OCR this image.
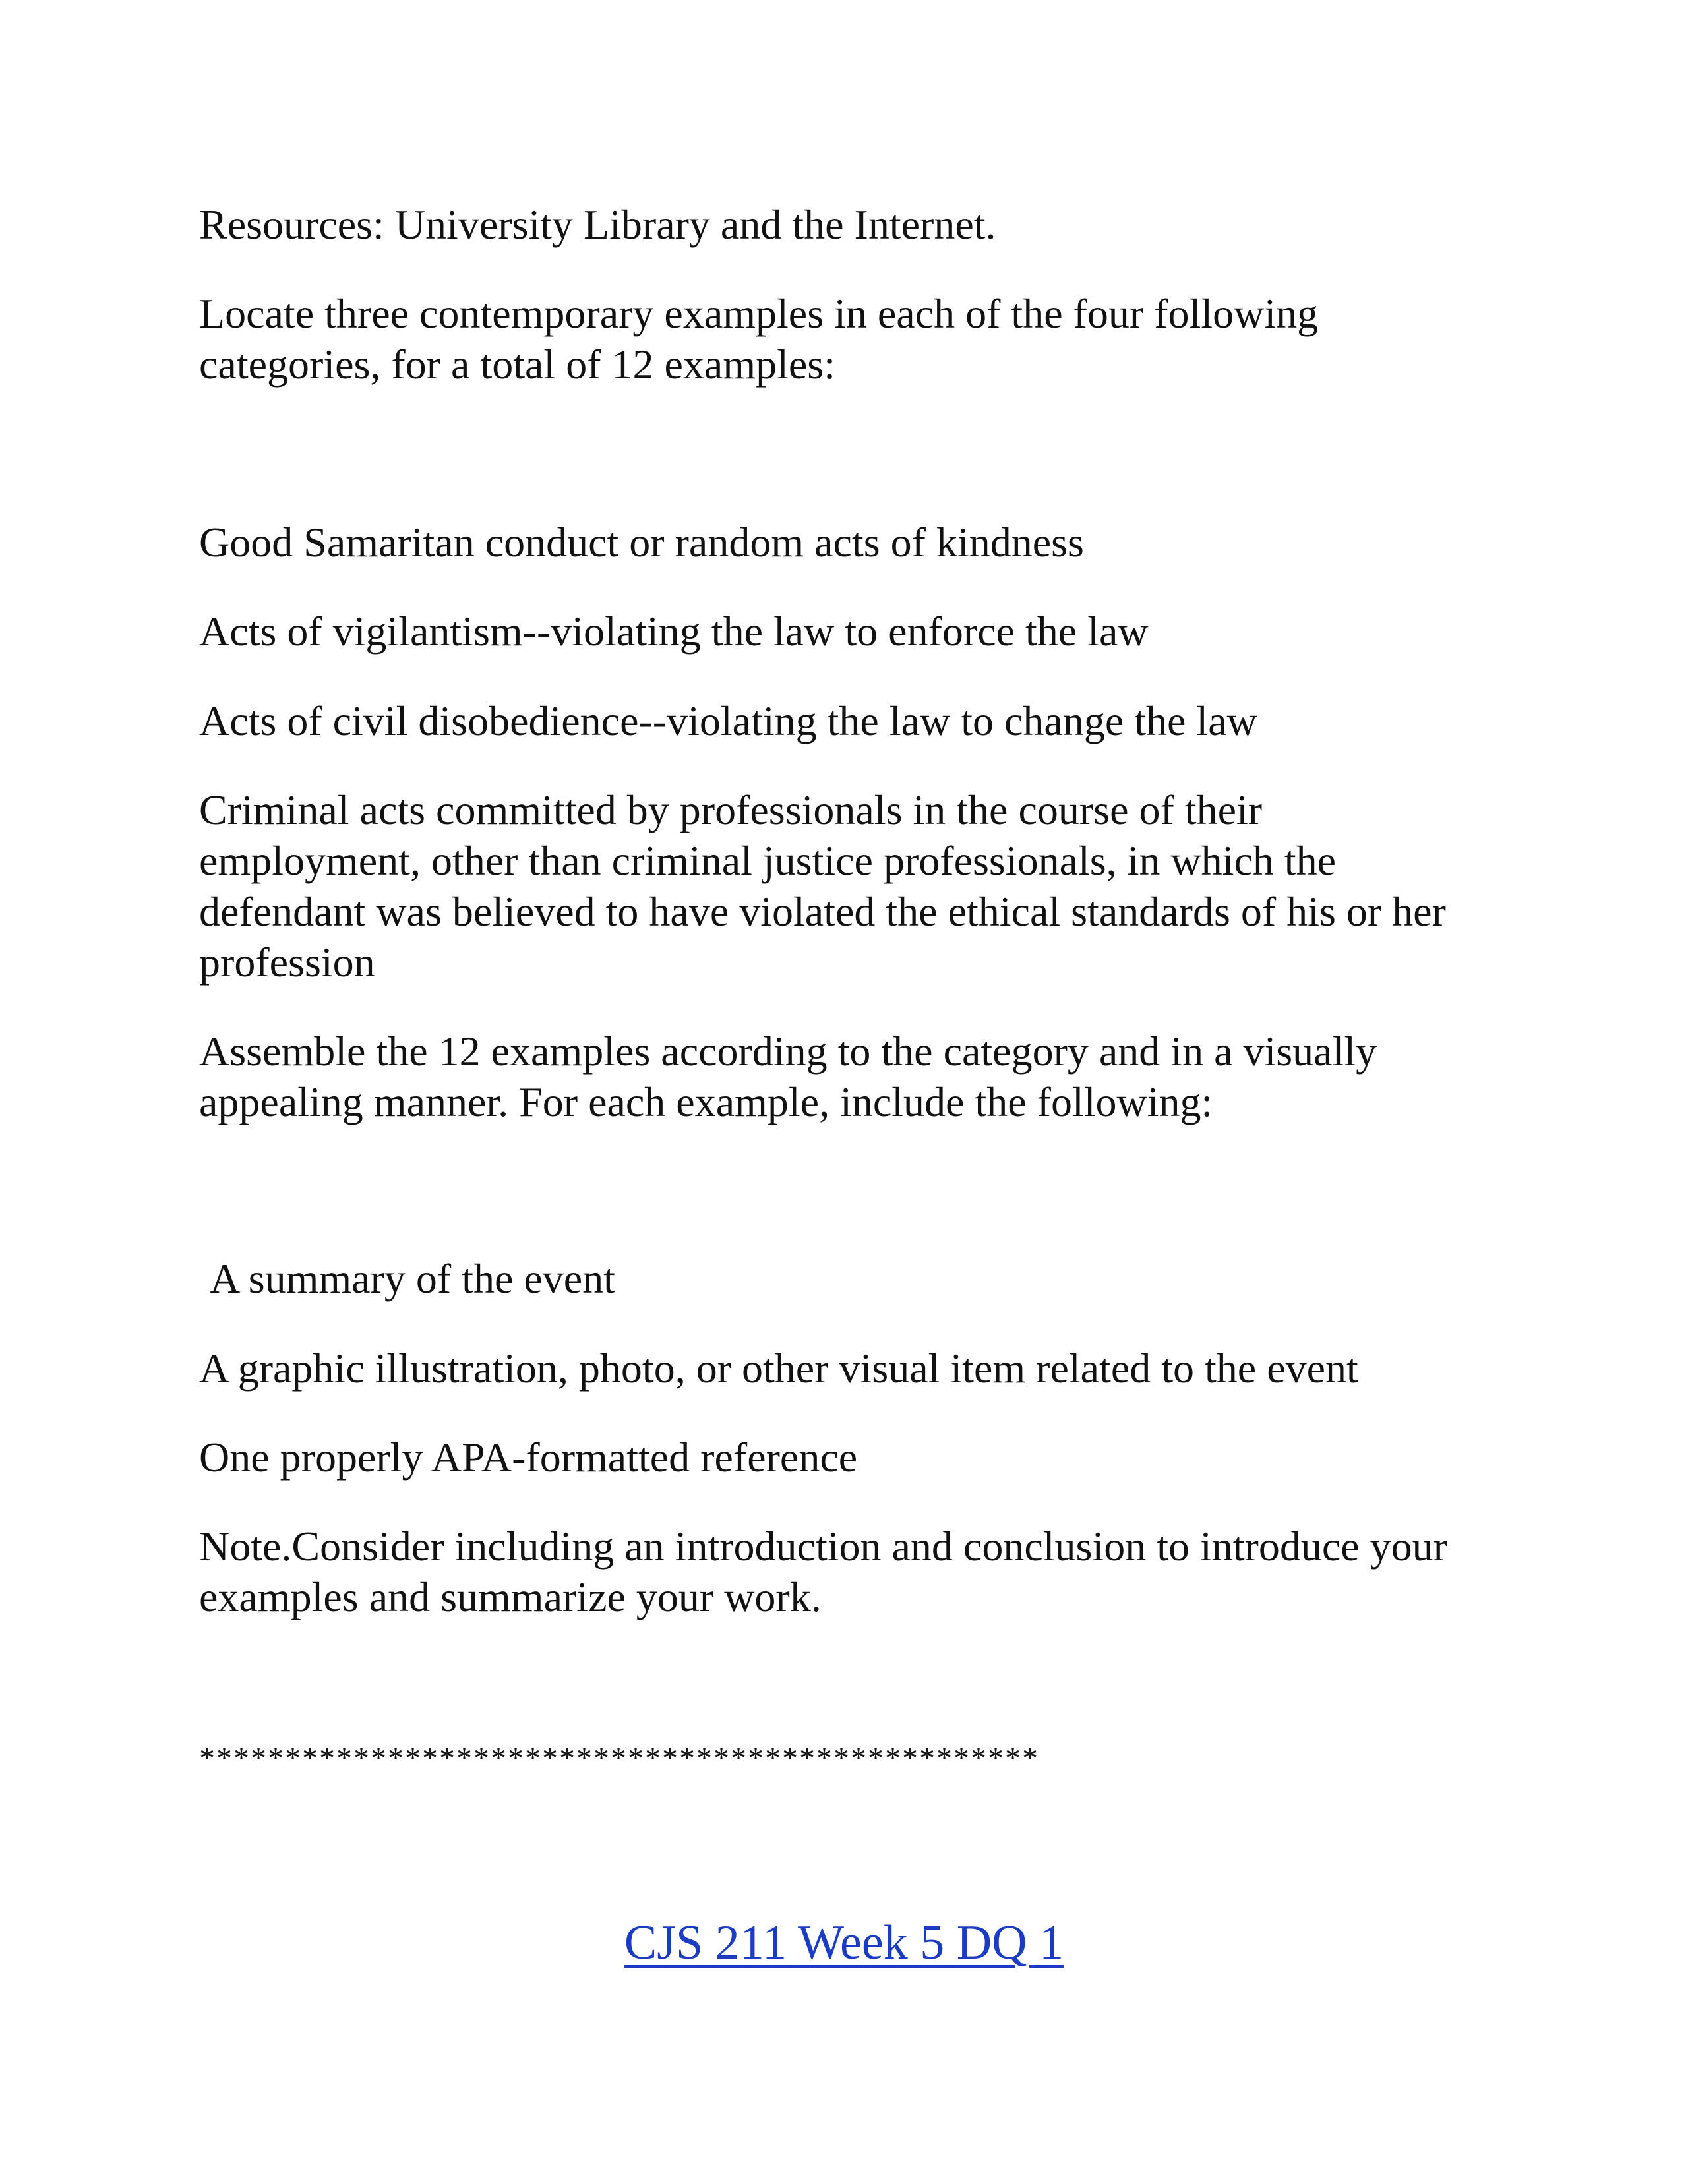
Resources: University Library and the Internet.

Locate three contemporary examples in each of the four following categories, for a total of 12 examples:

Good Samaritan conduct or random acts of kindness

Acts of vigilantism--violating the law to enforce the law

Acts of civil disobedience--violating the law to change the law

Criminal acts committed by professionals in the course of their employment, other than criminal justice professionals, in which the defendant was believed to have violated the ethical standards of his or her profession

Assemble the 12 examples according to the category and in a visually appealing manner. For each example, include the following:

A summary of the event

A graphic illustration, photo, or other visual item related to the event

One properly APA-formatted reference

Note.Consider including an introduction and conclusion to introduce your examples and summarize your work.

*************************************************

CJS 211 Week 5 DQ 1
